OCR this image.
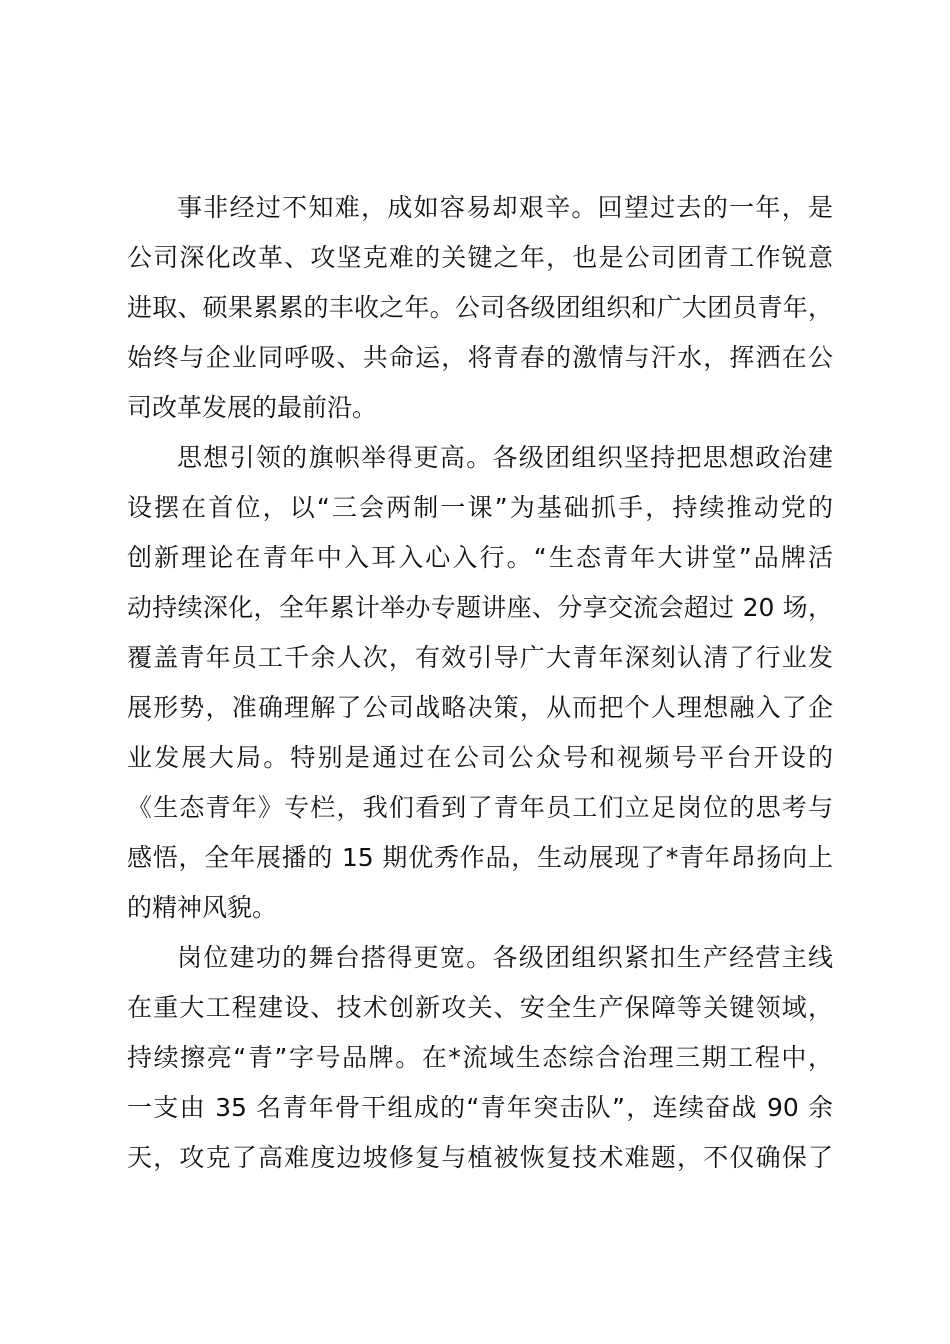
事非经过不知难，成如容易却艰辛。回望过去的一年，是
公司深化改革、攻坚克难的关键之年，也是公司团青工作锐意
进取、硕果累累的丰收之年。公司各级团组织和广大团员青年，
始终与企业同呼吸、共命运，将青春的激情与汗水，挥洒在公
司改革发展的最前沿。
思想引领的旗帜举得更高。各级团组织坚持把思想政治建
设摆在首位，以“三会两制一课”为基础抓手，持续推动党的
创新理论在青年中入耳入心入行。“生态青年大讲堂”品牌活
动持续深化，全年累计举办专题讲座、分享交流会超过 20 场，
覆盖青年员工千余人次，有效引导广大青年深刻认清了行业发
展形势，准确理解了公司战略决策，从而把个人理想融入了企
业发展大局。特别是通过在公司公众号和视频号平台开设的
《生态青年》专栏，我们看到了青年员工们立足岗位的思考与
感悟，全年展播的 15 期优秀作品，生动展现了*青年昂扬向上
的精神风貌。
岗位建功的舞台搭得更宽。各级团组织紧扣生产经营主线
在重大工程建设、技术创新攻关、安全生产保障等关键领域，
持续擦亮“青”字号品牌。在*流域生态综合治理三期工程中，
一支由 35 名青年骨干组成的“青年突击队”，连续奋战 90 余
天，攻克了高难度边坡修复与植被恢复技术难题，不仅确保了
